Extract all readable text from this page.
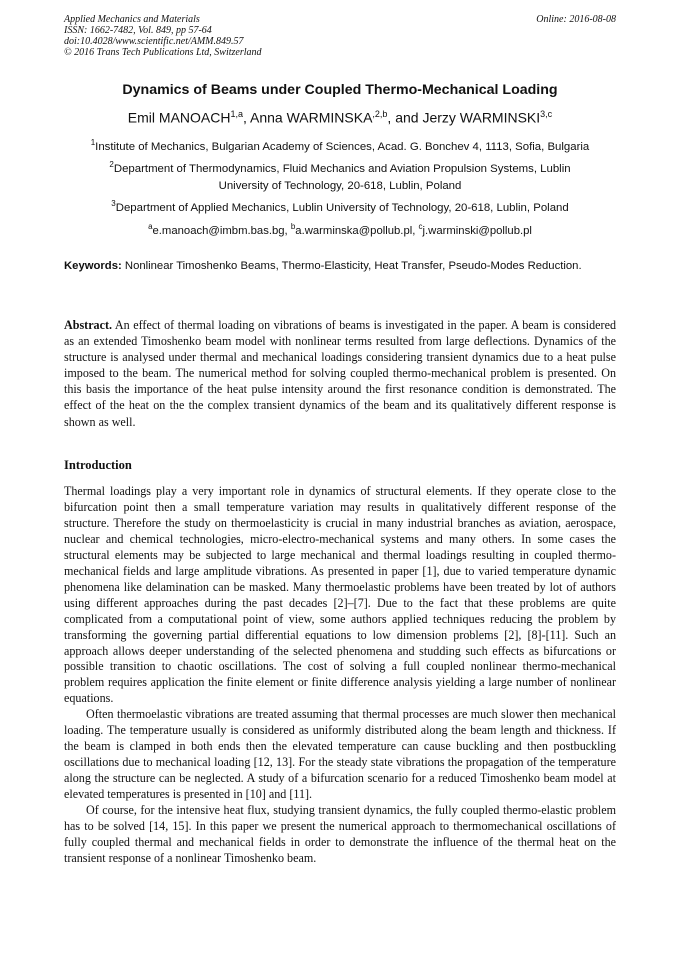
Applied Mechanics and Materials
ISSN: 1662-7482, Vol. 849, pp 57-64
doi:10.4028/www.scientific.net/AMM.849.57
© 2016 Trans Tech Publications Ltd, Switzerland
Online: 2016-08-08
Dynamics of Beams under Coupled Thermo-Mechanical Loading
Emil MANOACH$^{1,a}$, Anna $WARMINSKA^{,2,b}$, and Jerzy WARMINSKI$^{3,c}$
$^1$Institute of Mechanics, Bulgarian Academy of Sciences, Acad. G. Bonchev 4, 1113, Sofia, Bulgaria
$^2$Department of Thermodynamics, Fluid Mechanics and Aviation Propulsion Systems, Lublin University of Technology, 20-618, Lublin, Poland
$^3$Department of Applied Mechanics, Lublin University of Technology, 20-618, Lublin, Poland
$^a$e.manoach@imbm.bas.bg, $^b$a.warminska@pollub.pl, $^c$j.warminski@pollub.pl
Keywords: Nonlinear Timoshenko Beams, Thermo-Elasticity, Heat Transfer, Pseudo-Modes Reduction.
Abstract. An effect of thermal loading on vibrations of beams is investigated in the paper. A beam is considered as an extended Timoshenko beam model with nonlinear terms resulted from large deflections. Dynamics of the structure is analysed under thermal and mechanical loadings considering transient dynamics due to a heat pulse imposed to the beam. The numerical method for solving coupled thermo-mechanical problem is presented. On this basis the importance of the heat pulse intensity around the first resonance condition is demonstrated. The effect of the heat on the the complex transient dynamics of the beam and its qualitatively different response is shown as well.
Introduction

Thermal loadings play a very important role in dynamics of structural elements. If they operate close to the bifurcation point then a small temperature variation may results in qualitatively different response of the structure. Therefore the study on thermoelasticity is crucial in many industrial branches as aviation, aerospace, nuclear and chemical technologies, micro-electro-mechanical systems and many others. In some cases the structural elements may be subjected to large mechanical and thermal loadings resulting in coupled thermo-mechanical fields and large amplitude vibrations. As presented in paper [1], due to varied temperature dynamic phenomena like delamination can be masked. Many thermoelastic problems have been treated by lot of authors using different approaches during the past decades [2]–[7]. Due to the fact that these problems are quite complicated from a computational point of view, some authors applied techniques reducing the problem by transforming the governing partial differential equations to low dimension problems [2], [8]-[11]. Such an approach allows deeper understanding of the selected phenomena and studding such effects as bifurcations or possible transition to chaotic oscillations. The cost of solving a full coupled nonlinear thermo-mechanical problem requires application the finite element or finite difference analysis yielding a large number of nonlinear equations.

Often thermoelastic vibrations are treated assuming that thermal processes are much slower then mechanical loading. The temperature usually is considered as uniformly distributed along the beam length and thickness. If the beam is clamped in both ends then the elevated temperature can cause buckling and then postbuckling oscillations due to mechanical loading [12, 13]. For the steady state vibrations the propagation of the temperature along the structure can be neglected. A study of a bifurcation scenario for a reduced Timoshenko beam model at elevated temperatures is presented in [10] and [11].

Of course, for the intensive heat flux, studying transient dynamics, the fully coupled thermo-elastic problem has to be solved [14, 15]. In this paper we present the numerical approach to thermomechanical oscillations of fully coupled thermal and mechanical fields in order to demonstrate the influence of the thermal heat on the transient response of a nonlinear Timoshenko beam.
